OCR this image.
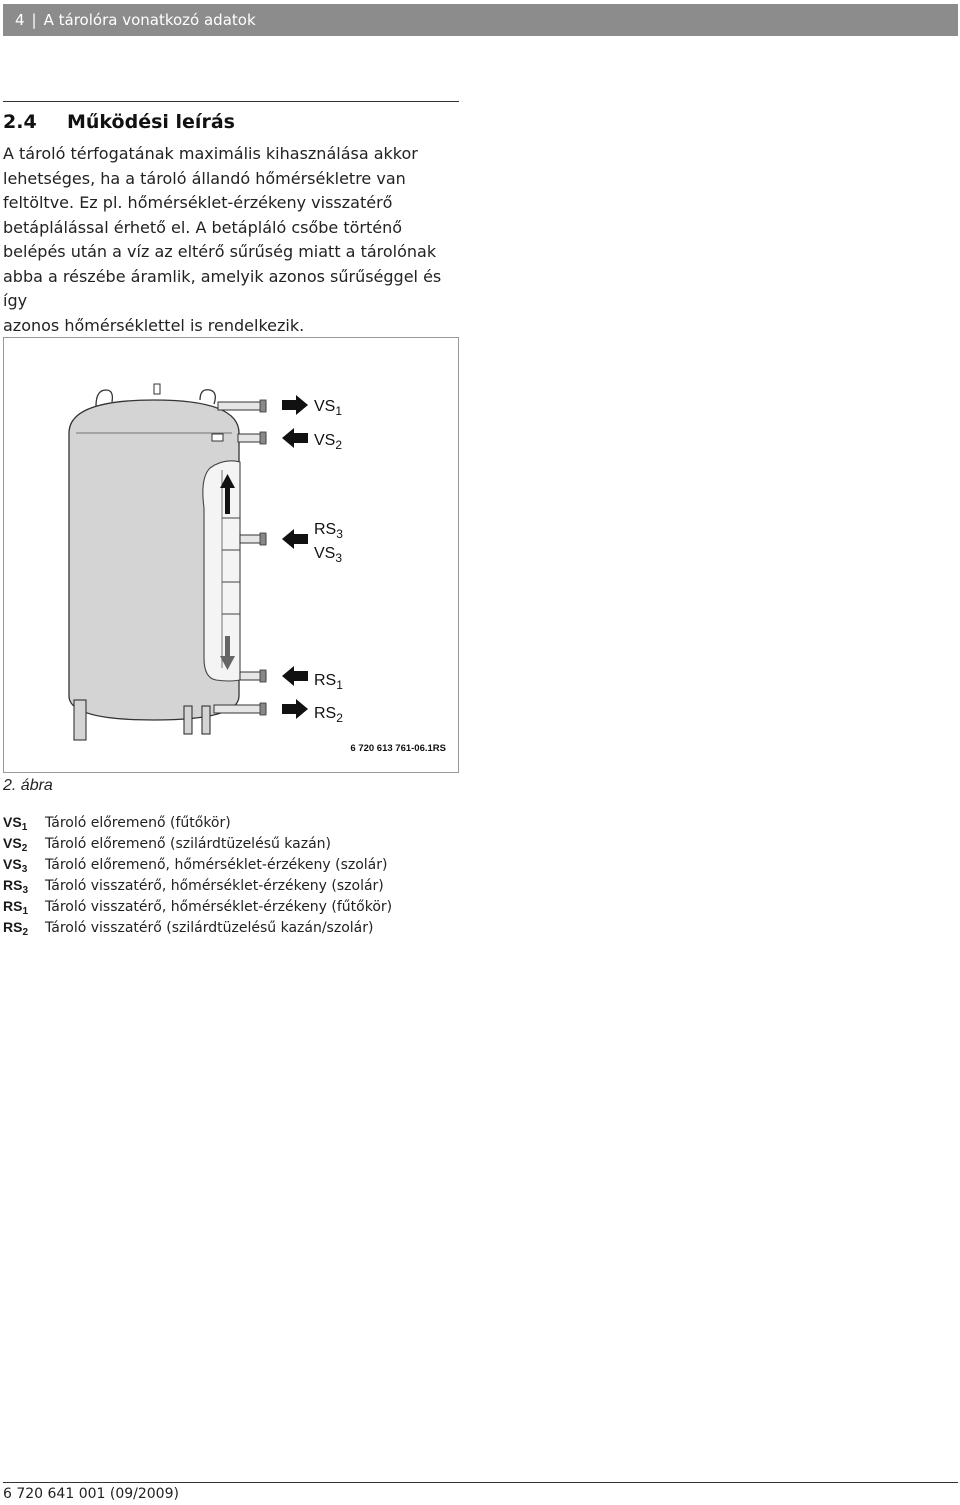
4 | A tárolóra vonatkozó adatok
2.4 Működési leírás
A tároló térfogatának maximális kihasználása akkor
lehetséges, ha a tároló állandó hőmérsékletre van
feltöltve. Ez pl. hőmérséklet-érzékeny visszatérő
betáplálással érhető el. A betápláló csőbe történő
belépés után a víz az eltérő sűrűség miatt a tárolónak
abba a részébe áramlik, amelyik azonos sűrűséggel és így
azonos hőmérséklettel is rendelkezik.
$VS_1$
$VS_2$
$RS_3$
$VS_3$
$RS_1$
$RS_2$
6 720 613 761-06.1RS
2. ábra
$VS_1$ Tároló előremenő (fűtőkör)
$VS_2$ Tároló előremenő (szilárdtüzelésű kazán)
$VS_3$ Tároló előremenő, hőmérséklet-érzékeny (szolár)
$RS_3$ Tároló visszatérő, hőmérséklet-érzékeny (szolár)
$RS_1$ Tároló visszatérő, hőmérséklet-érzékeny (fűtőkör)
$RS_2$ Tároló visszatérő (szilárdtüzelésű kazán/szolár)
6 720 641 001 (09/2009)
